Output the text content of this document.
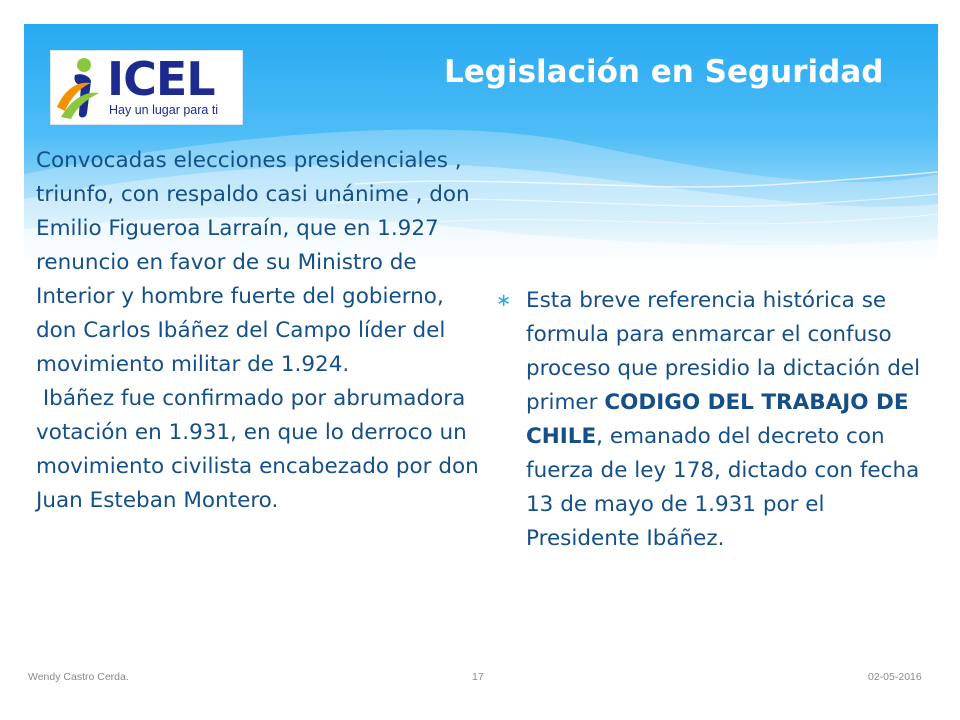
ICEL
Hay un lugar para ti
Legislación en Seguridad

Convocadas elecciones presidenciales , triunfo, con respaldo casi unánime , don Emilio Figueroa Larraín, que en 1.927 renuncio en favor de su Ministro de Interior y hombre fuerte del gobierno, don Carlos Ibáñez del Campo líder del movimiento militar de 1.924.

Ibáñez fue confirmado por abrumadora votación en 1.931, en que lo derroco un movimiento civilista encabezado por don Juan Esteban Montero.

∗ Esta breve referencia histórica se formula para enmarcar el confuso proceso que presidio la dictación del primer CODIGO DEL TRABAJO DE CHILE, emanado del decreto con fuerza de ley 178, dictado con fecha 13 de mayo de 1.931 por el Presidente Ibáñez.
Wendy Castro Cerda.	17	02-05-2016
